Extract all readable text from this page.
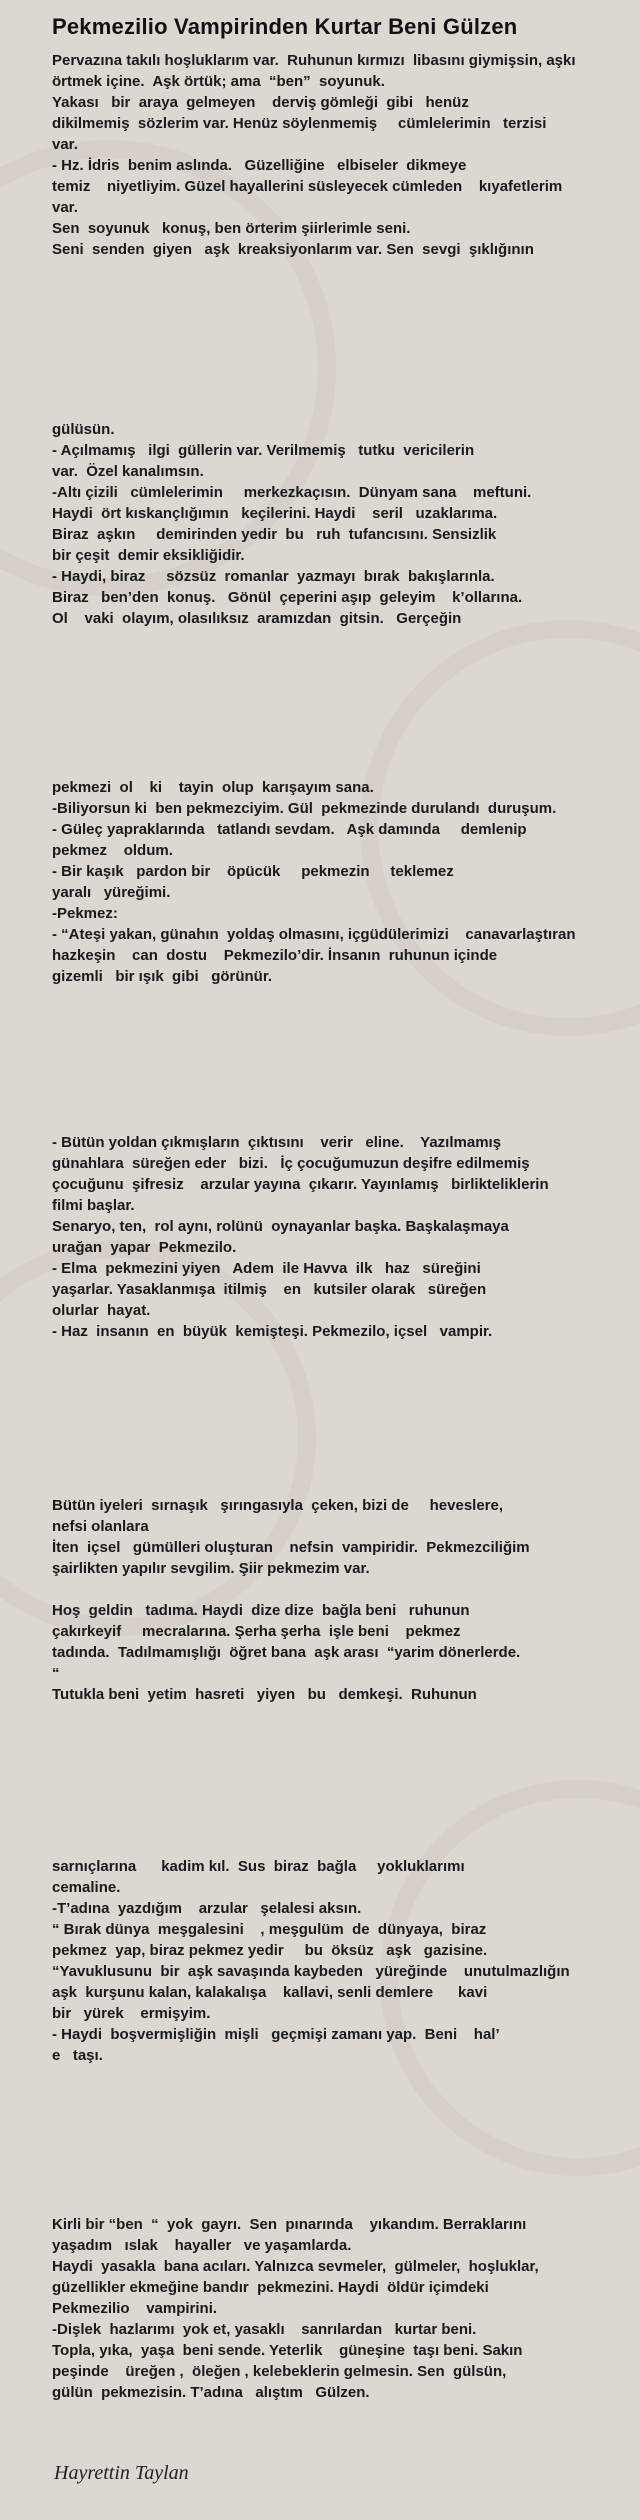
Pekmezilio Vampirinden Kurtar Beni Gülzen

Pervazına takılı hoşluklarım var.  Ruhunun kırmızı  libasını giymişsin, aşkı
örtmek içine.  Aşk örtük; ama  “ben”  soyunuk.
Yakası   bir  araya  gelmeyen    derviş gömleği  gibi   henüz
dikilmemiş  sözlerim var. Henüz söylenmemiş     cümlelerimin   terzisi
var.
- Hz. İdris  benim aslında.   Güzelliğine   elbiseler  dikmeye
temiz    niyetliyim. Güzel hayallerini süsleyecek cümleden    kıyafetlerim
var.
Sen  soyunuk   konuş, ben örterim şiirlerimle seni.
Seni  senden  giyen   aşk  kreaksiyonlarım var. Sen  sevgi  şıklığının

gülüsün.
- Açılmamış   ilgi  güllerin var. Verilmemiş   tutku  vericilerin
var.  Özel kanalımsın.
-Altı çizili   cümlelerimin     merkezkaçısın.  Dünyam sana    meftuni.
Haydi  ört kıskançlığımın   keçilerini. Haydi    seril   uzaklarıma.
Biraz  aşkın     demirinden yedir  bu   ruh  tufancısını. Sensizlik
bir çeşit  demir eksikliğidir.
- Haydi, biraz     sözsüz  romanlar  yazmayı  bırak  bakışlarınla.
Biraz   ben’den  konuş.   Gönül  çeperini aşıp  geleyim    k’ollarına.
Ol    vaki  olayım, olasılıksız  aramızdan  gitsin.   Gerçeğin

pekmezi  ol    ki    tayin  olup  karışayım sana.
-Biliyorsun ki  ben pekmezciyim. Gül  pekmezinde durulandı  duruşum.
- Güleç yapraklarında   tatlandı sevdam.   Aşk damında     demlenip
pekmez    oldum.
- Bir kaşık   pardon bir    öpücük     pekmezin     teklemez
yaralı   yüreğimi.
-Pekmez:
- “Ateşi yakan, günahın  yoldaş olmasını, içgüdülerimizi    canavarlaştıran
hazkeşin    can  dostu    Pekmezilo’dir. İnsanın  ruhunun içinde
gizemli   bir ışık  gibi   görünür.

- Bütün yoldan çıkmışların  çıktısını    verir   eline.    Yazılmamış
günahlara  süreğen eder   bizi.   İç çocuğumuzun deşifre edilmemiş
çocuğunu  şifresiz    arzular yayına  çıkarır. Yayınlamış   birlikteliklerin
filmi başlar.
Senaryo, ten,  rol aynı, rolünü  oynayanlar başka. Başkalaşmaya
urağan  yapar  Pekmezilo.
- Elma  pekmezini yiyen   Adem  ile Havva  ilk   haz   süreğini
yaşarlar. Yasaklanmışa  itilmiş    en   kutsiler olarak   süreğen
olurlar  hayat.
- Haz  insanın  en  büyük  kemişteşi. Pekmezilo, içsel   vampir.

Bütün iyeleri  sırnaşık   şırıngasıyla  çeken, bizi de     heveslere,
nefsi olanlara
İten  içsel   gümülleri oluşturan    nefsin  vampiridir.  Pekmezciliğim
şairlikten yapılır sevgilim. Şiir pekmezim var.

Hoş  geldin   tadıma. Haydi  dize dize  bağla beni   ruhunun
çakırkeyif     mecralarına. Şerha şerha  işle beni    pekmez
tadında.  Tadılmamışlığı  öğret bana  aşk arası  “yarim dönerlerde.
“
Tutukla beni  yetim  hasreti   yiyen   bu   demkeşi.  Ruhunun

sarnıçlarına      kadim kıl.  Sus  biraz  bağla     yokluklarımı
cemaline.
-T’adına  yazdığım    arzular   şelalesi aksın.
“ Bırak dünya  meşgalesini    , meşgulüm  de  dünyaya,  biraz
pekmez  yap, biraz pekmez yedir     bu  öksüz   aşk   gazisine.
“Yavuklusunu  bir  aşk savaşında kaybeden   yüreğinde    unutulmazlığın
aşk  kurşunu kalan, kalakalışa    kallavi, senli demlere      kavi
bir   yürek    ermişyim.
- Haydi  boşvermişliğin  mişli   geçmişi zamanı yap.  Beni    hal’
e   taşı.

Kirli bir “ben  “  yok  gayrı.  Sen  pınarında    yıkandım. Berraklarını
yaşadım   ıslak    hayaller   ve yaşamlarda.
Haydi  yasakla  bana acıları. Yalnızca sevmeler,  gülmeler,  hoşluklar,
güzellikler ekmeğine bandır  pekmezini. Haydi  öldür içimdeki
Pekmezilio    vampirini.
-Dişlek  hazlarımı  yok et, yasaklı    sanrılardan   kurtar beni.
Topla, yıka,  yaşa  beni sende. Yeterlik    güneşine  taşı beni. Sakın
peşinde    üreğen ,  öleğen , kelebeklerin gelmesin. Sen  gülsün,
gülün  pekmezisin. T’adına   alıştım   Gülzen.

Hayrettin Taylan
